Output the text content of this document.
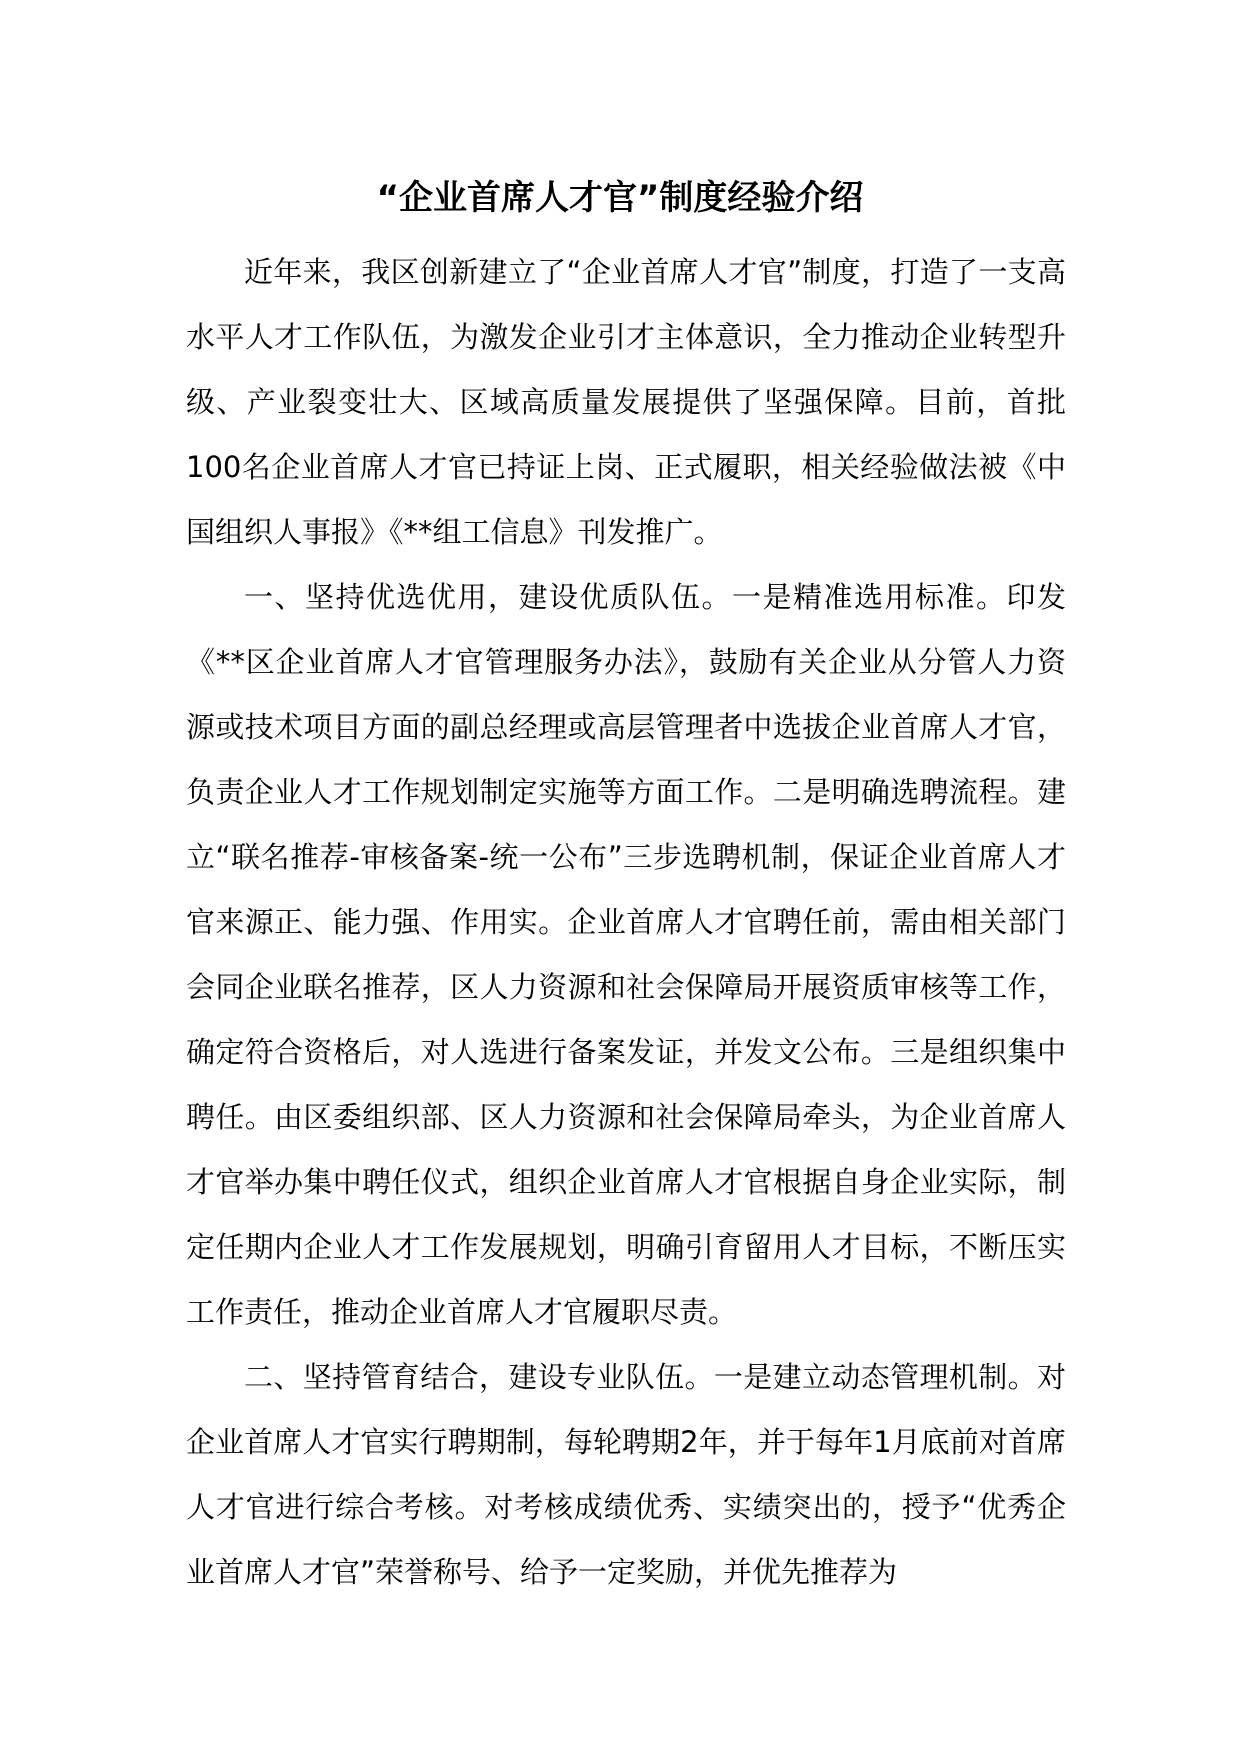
“企业首席人才官”制度经验介绍

近年来，我区创新建立了“企业首席人才官”制度，打造了一支高水平人才工作队伍，为激发企业引才主体意识，全力推动企业转型升级、产业裂变壮大、区域高质量发展提供了坚强保障。目前，首批100名企业首席人才官已持证上岗、正式履职，相关经验做法被《中国组织人事报》《**组工信息》刊发推广。

一、坚持优选优用，建设优质队伍。一是精准选用标准。印发《**区企业首席人才官管理服务办法》，鼓励有关企业从分管人力资源或技术项目方面的副总经理或高层管理者中选拔企业首席人才官，负责企业人才工作规划制定实施等方面工作。二是明确选聘流程。建立“联名推荐-审核备案-统一公布”三步选聘机制，保证企业首席人才官来源正、能力强、作用实。企业首席人才官聘任前，需由相关部门会同企业联名推荐，区人力资源和社会保障局开展资质审核等工作，确定符合资格后，对人选进行备案发证，并发文公布。三是组织集中聘任。由区委组织部、区人力资源和社会保障局牵头，为企业首席人才官举办集中聘任仪式，组织企业首席人才官根据自身企业实际，制定任期内企业人才工作发展规划，明确引育留用人才目标，不断压实工作责任，推动企业首席人才官履职尽责。

二、坚持管育结合，建设专业队伍。一是建立动态管理机制。对企业首席人才官实行聘期制，每轮聘期2年，并于每年1月底前对首席人才官进行综合考核。对考核成绩优秀、实绩突出的，授予“优秀企业首席人才官”荣誉称号、给予一定奖励，并优先推荐为
